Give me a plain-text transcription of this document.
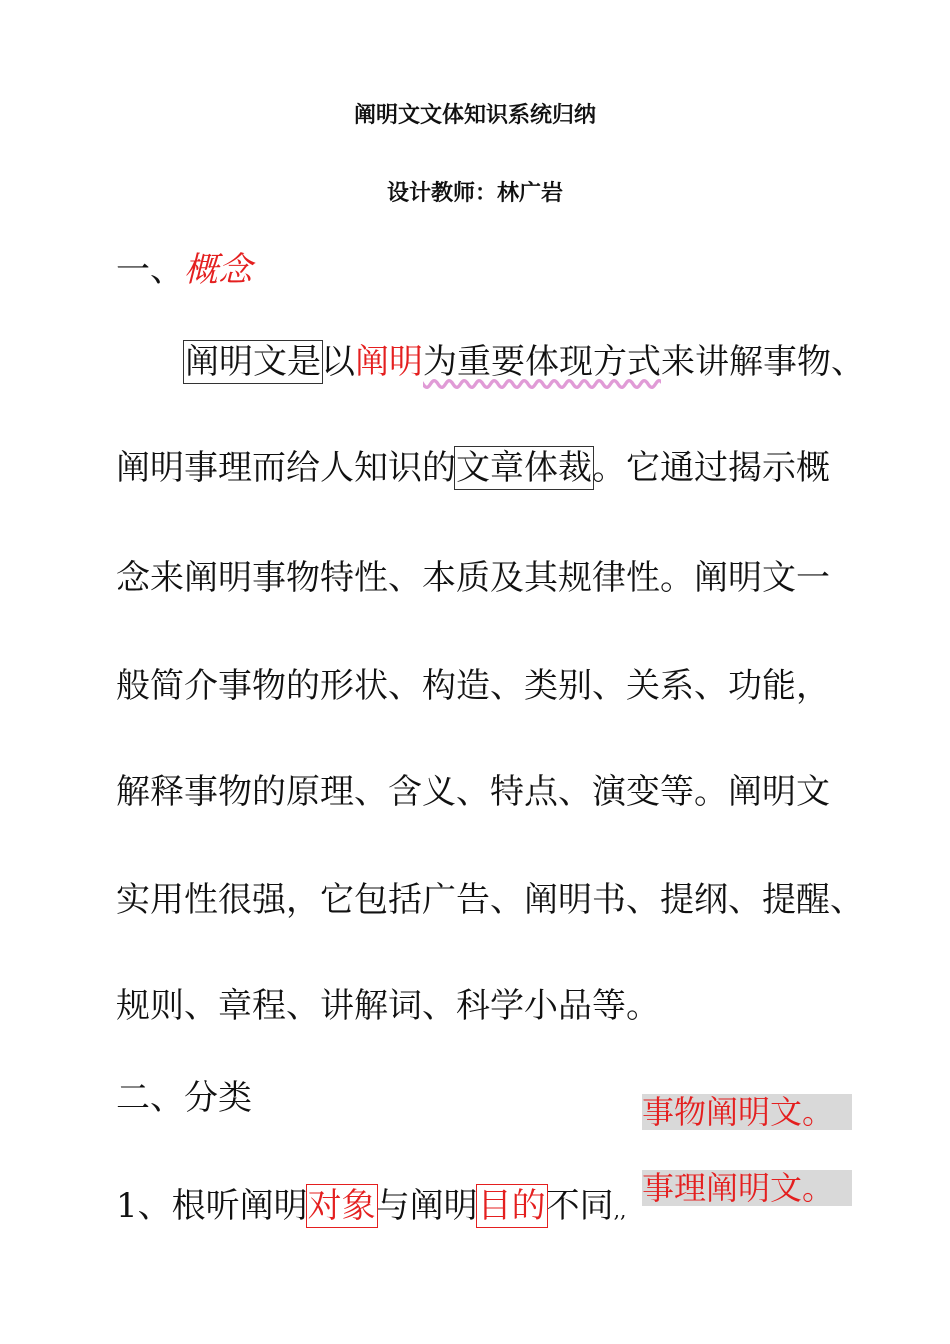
阐明文文体知识系统归纳
设计教师：林广岩
一、概念
阐明文是以阐明为重要体现方式来讲解事物、
阐明事理而给人知识的文章体裁。它通过揭示概
念来阐明事物特性、本质及其规律性。阐明文一
般简介事物的形状、构造、类别、关系、功能，
解释事物的原理、含义、特点、演变等。阐明文
实用性很强，它包括广告、阐明书、提纲、提醒、
规则、章程、讲解词、科学小品等。
二、分类	事物阐明文。
1、根听阐明对象与阐明目的不同,,
事理阐明文。
